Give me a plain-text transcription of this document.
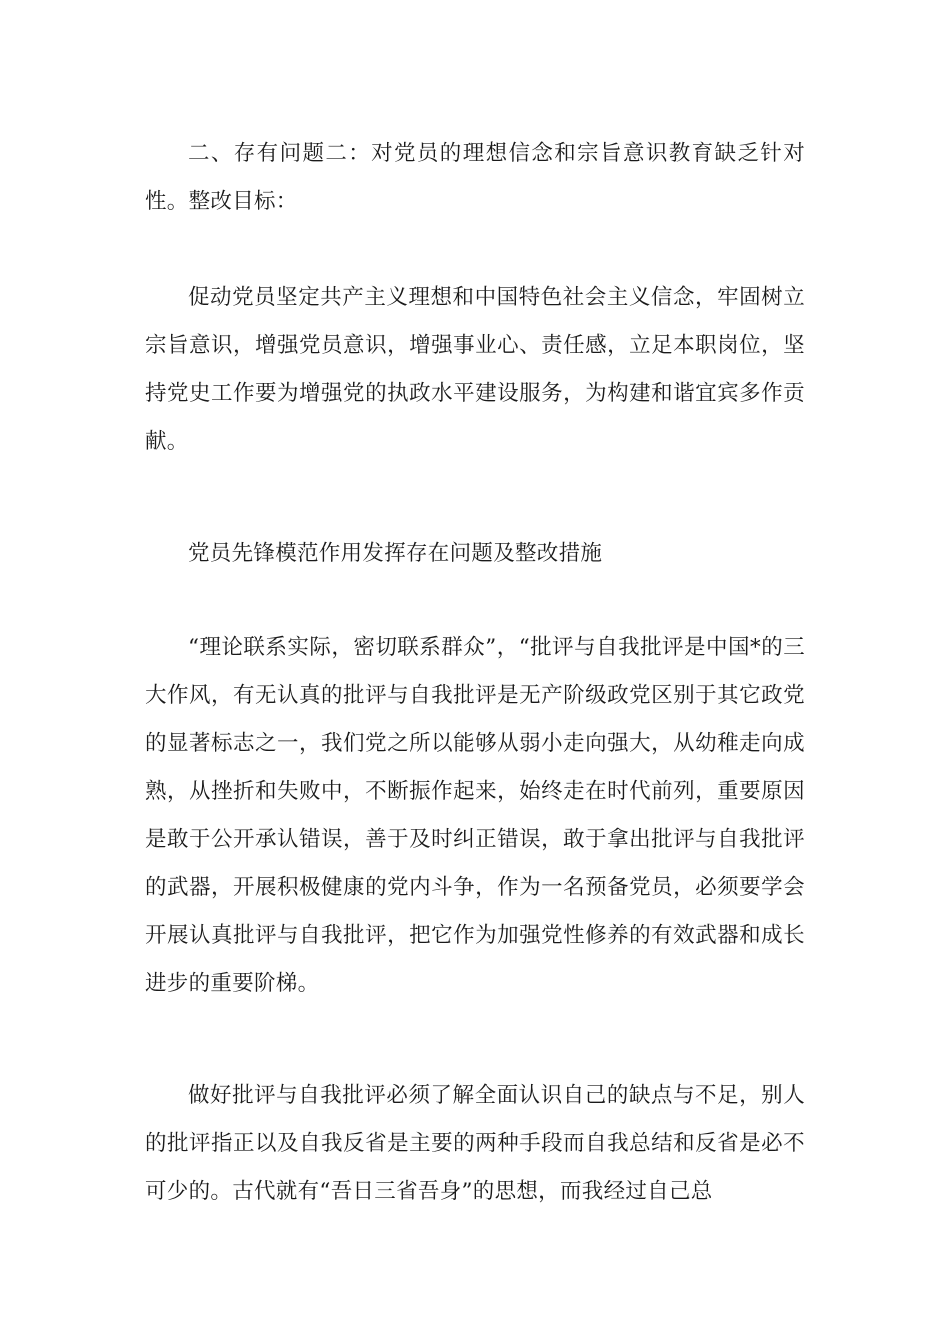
二、存有问题二：对党员的理想信念和宗旨意识教育缺乏针对性。整改目标：

促动党员坚定共产主义理想和中国特色社会主义信念，牢固树立宗旨意识，增强党员意识，增强事业心、责任感，立足本职岗位，坚持党史工作要为增强党的执政水平建设服务，为构建和谐宜宾多作贡献。

党员先锋模范作用发挥存在问题及整改措施

“理论联系实际，密切联系群众”，“批评与自我批评是中国*的三大作风，有无认真的批评与自我批评是无产阶级政党区别于其它政党的显著标志之一，我们党之所以能够从弱小走向强大，从幼稚走向成熟，从挫折和失败中，不断振作起来，始终走在时代前列，重要原因是敢于公开承认错误，善于及时纠正错误，敢于拿出批评与自我批评的武器，开展积极健康的党内斗争，作为一名预备党员，必须要学会开展认真批评与自我批评，把它作为加强党性修养的有效武器和成长进步的重要阶梯。

做好批评与自我批评必须了解全面认识自己的缺点与不足，别人的批评指正以及自我反省是主要的两种手段而自我总结和反省是必不可少的。古代就有“吾日三省吾身”的思想，而我经过自己总
